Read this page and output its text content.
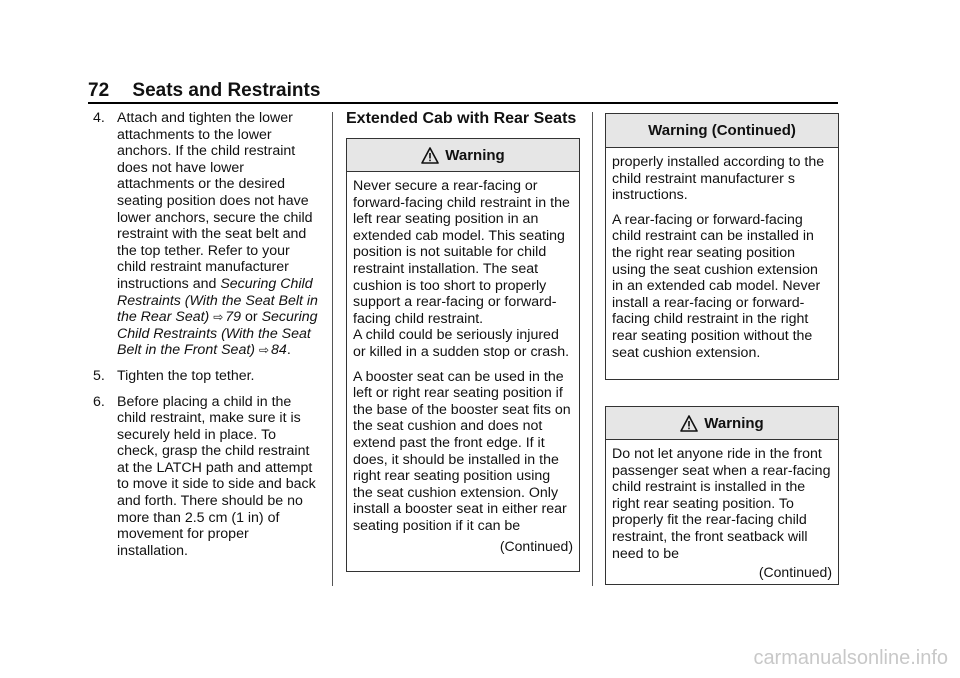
72 Seats and Restraints
4. Attach and tighten the lower attachments to the lower anchors. If the child restraint does not have lower attachments or the desired seating position does not have lower anchors, secure the child restraint with the seat belt and the top tether. Refer to your child restraint manufacturer instructions and Securing Child Restraints (With the Seat Belt in the Rear Seat) ⇨ 79 or Securing Child Restraints (With the Seat Belt in the Front Seat) ⇨ 84.
5. Tighten the top tether.
6. Before placing a child in the child restraint, make sure it is securely held in place. To check, grasp the child restraint at the LATCH path and attempt to move it side to side and back and forth. There should be no more than 2.5 cm (1 in) of movement for proper installation.
Extended Cab with Rear Seats
Warning

Never secure a rear-facing or forward-facing child restraint in the left rear seating position in an extended cab model. This seating position is not suitable for child restraint installation. The seat cushion is too short to properly support a rear-facing or forward-facing child restraint.

A child could be seriously injured or killed in a sudden stop or crash.

A booster seat can be used in the left or right rear seating position if the base of the booster seat fits on the seat cushion and does not extend past the front edge. If it does, it should be installed in the right rear seating position using the seat cushion extension. Only install a booster seat in either rear seating position if it can be

(Continued)
Warning (Continued)

properly installed according to the child restraint manufacturer s instructions.

A rear-facing or forward-facing child restraint can be installed in the right rear seating position using the seat cushion extension in an extended cab model. Never install a rear-facing or forward-facing child restraint in the right rear seating position without the seat cushion extension.

Warning

Do not let anyone ride in the front passenger seat when a rear-facing child restraint is installed in the right rear seating position. To properly fit the rear-facing child restraint, the front seatback will need to be

(Continued)
carmanualsonline.info
